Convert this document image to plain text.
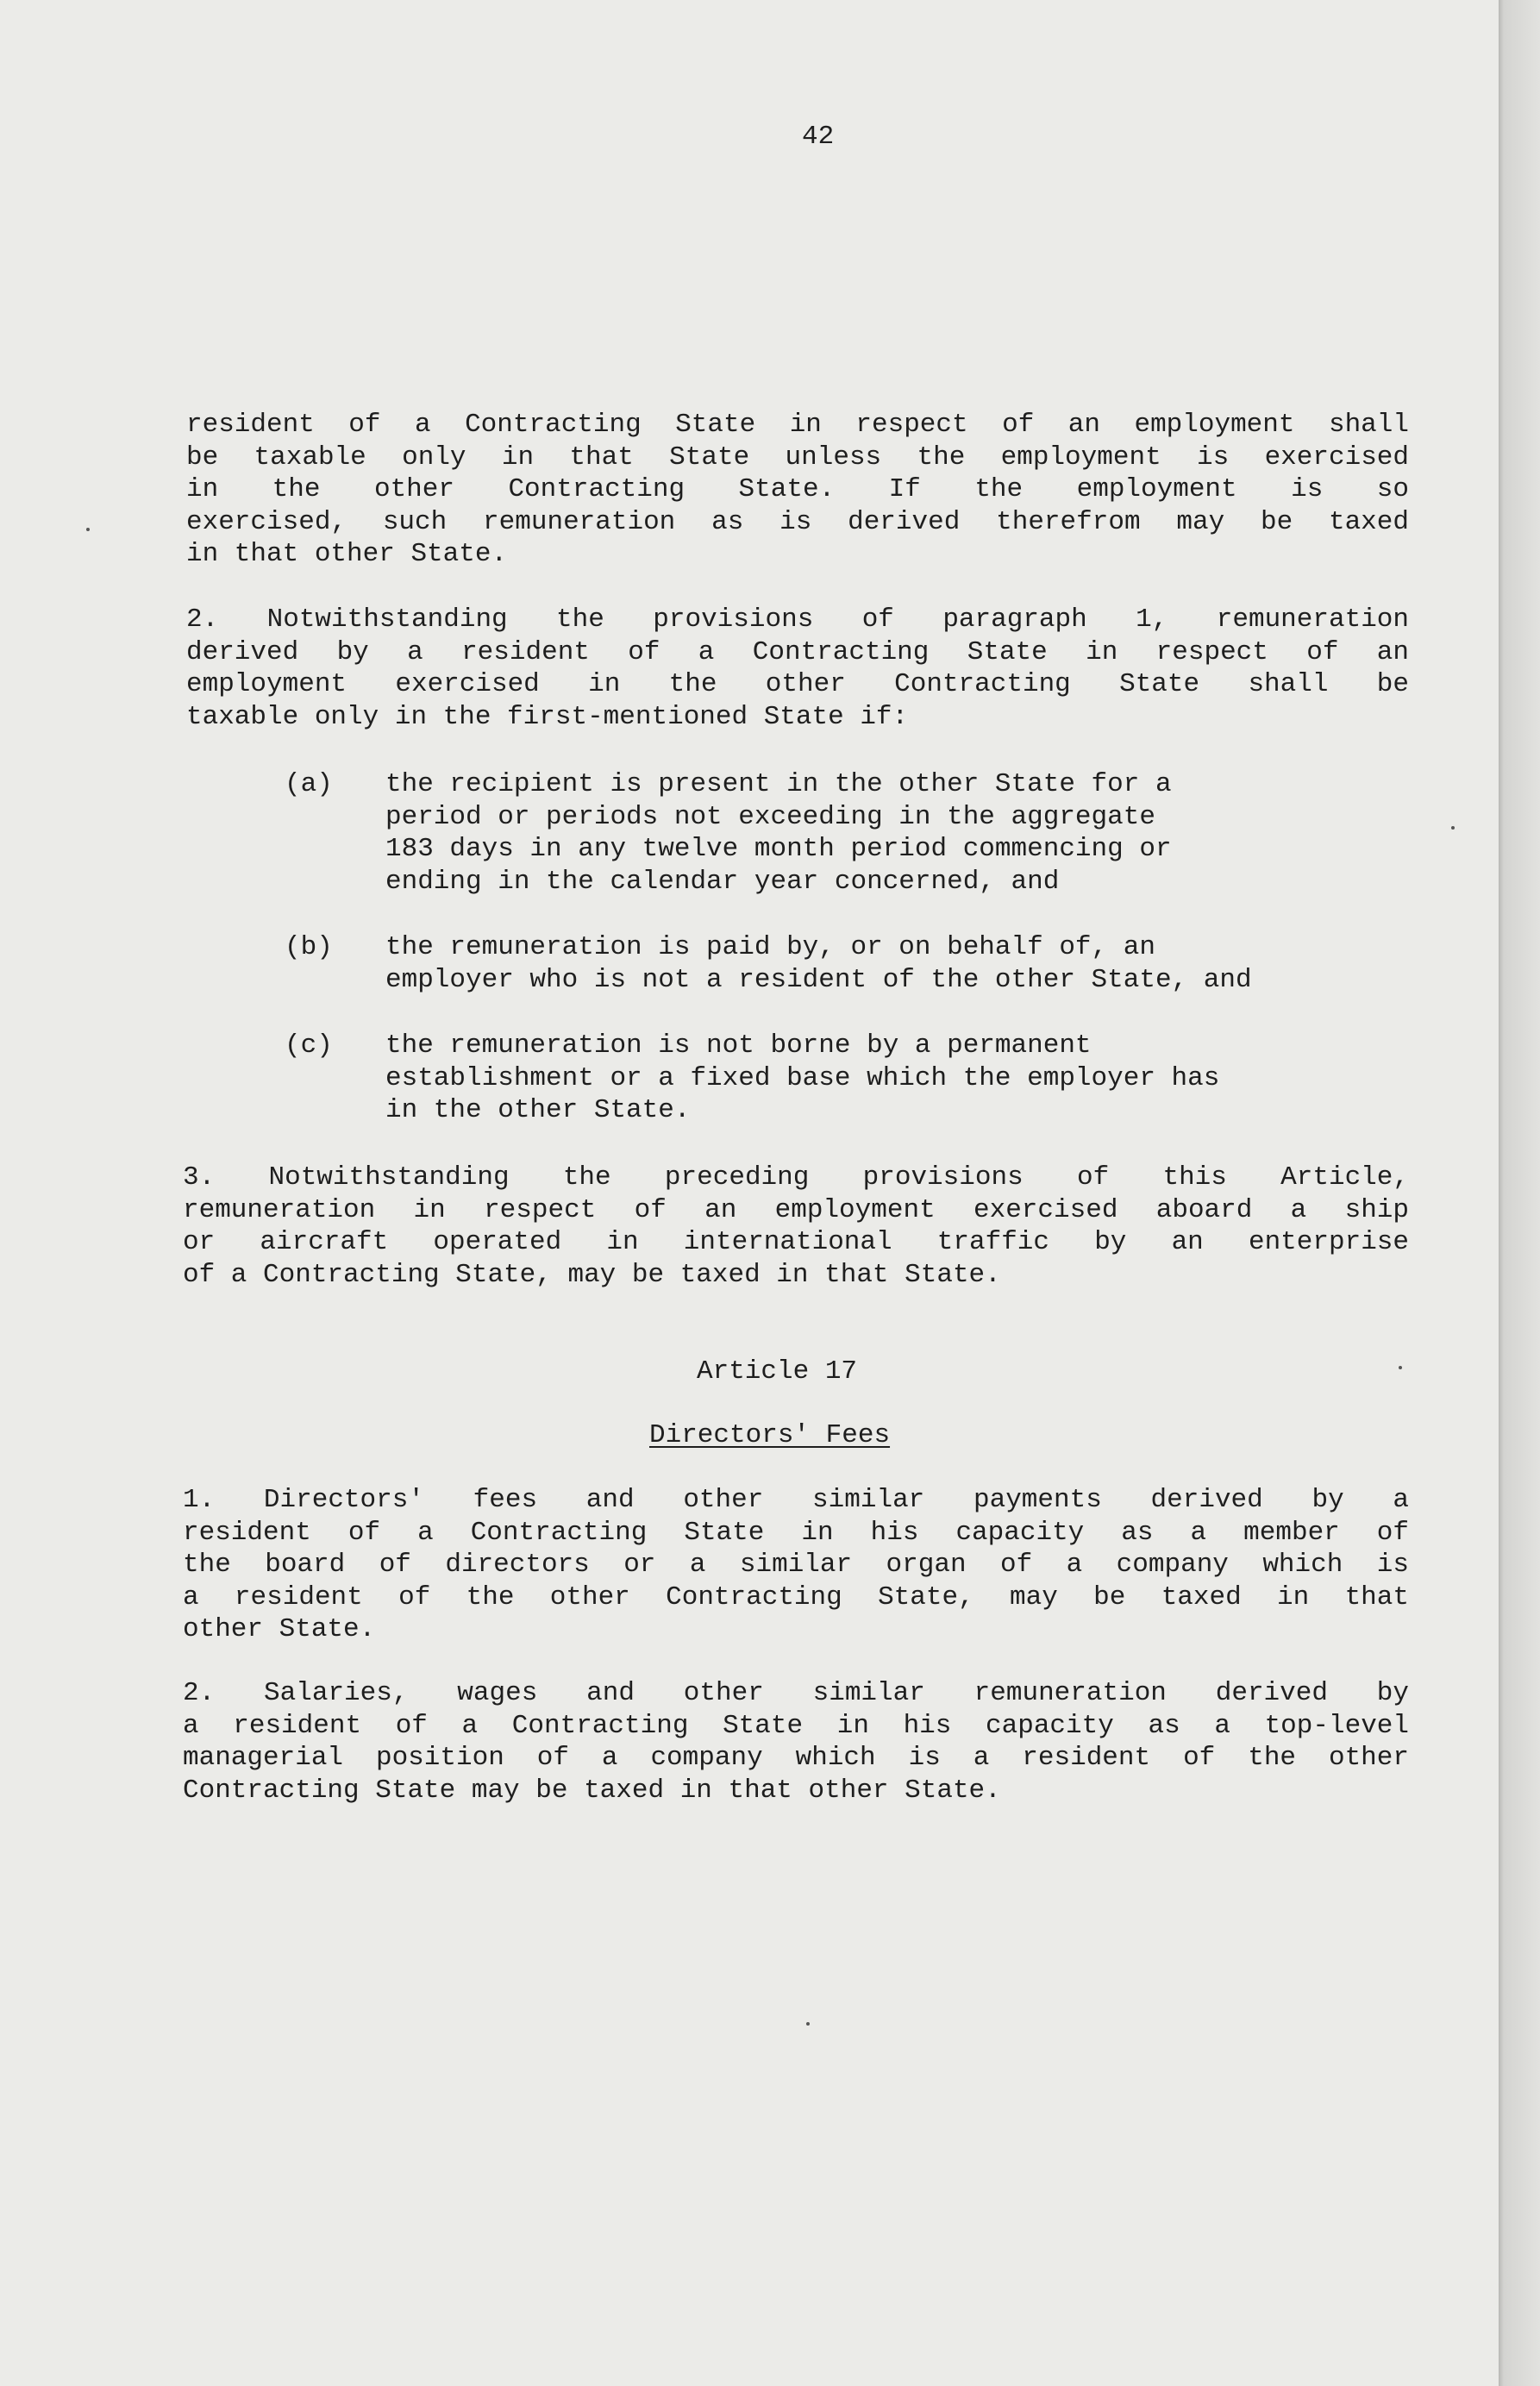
42
resident of a Contracting State in respect of an employment shall
be taxable only in that State unless the employment is exercised
in the other Contracting State. If the employment is so
exercised, such remuneration as is derived therefrom may be taxed
in that other State.
2. Notwithstanding the provisions of paragraph 1, remuneration
derived by a resident of a Contracting State in respect of an
employment exercised in the other Contracting State shall be
taxable only in the first-mentioned State if:
(a) the recipient is present in the other State for a
period or periods not exceeding in the aggregate
183 days in any twelve month period commencing or
ending in the calendar year concerned, and
(b) the remuneration is paid by, or on behalf of, an
employer who is not a resident of the other State, and
(c) the remuneration is not borne by a permanent
establishment or a fixed base which the employer has
in the other State.
3. Notwithstanding the preceding provisions of this Article,
remuneration in respect of an employment exercised aboard a ship
or aircraft operated in international traffic by an enterprise
of a Contracting State, may be taxed in that State.
Article 17
Directors' Fees
1. Directors' fees and other similar payments derived by a
resident of a Contracting State in his capacity as a member of
the board of directors or a similar organ of a company which is
a resident of the other Contracting State, may be taxed in that
other State.
2. Salaries, wages and other similar remuneration derived by
a resident of a Contracting State in his capacity as a top-level
managerial position of a company which is a resident of the other
Contracting State may be taxed in that other State.
